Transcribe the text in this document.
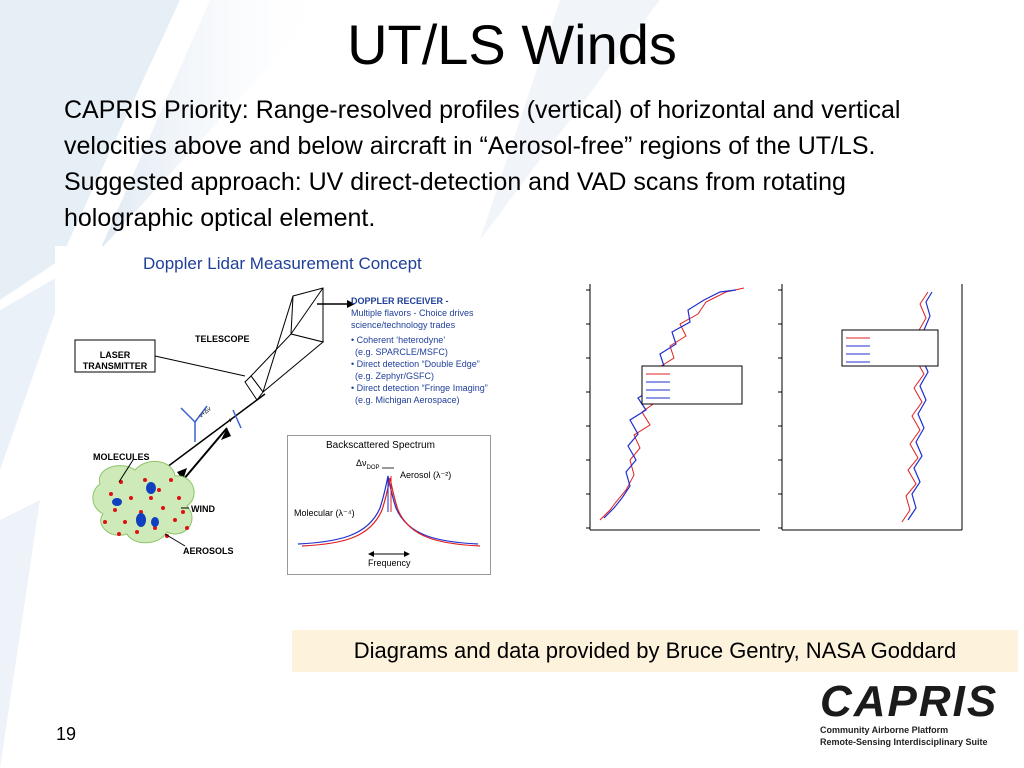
UT/LS Winds
CAPRIS Priority: Range-resolved profiles (vertical) of horizontal and vertical velocities above and below aircraft in “Aerosol-free” regions of the UT/LS. Suggested approach: UV direct-detection and VAD scans from rotating holographic optical element.
v+Δv
v
Doppler Lidar Measurement Concept
LASER TRANSMITTER
TELESCOPE
MOLECULES
WIND
AEROSOLS
DOPPLER RECEIVER -
Multiple flavors - Choice drives
science/technology trades
• Coherent ‘heterodyne’
(e.g. SPARCLE/MSFC)
• Direct detection “Double Edge”
(e.g. Zephyr/GSFC)
• Direct detection “Fringe Imaging”
(e.g. Michigan Aerospace)
Backscattered Spectrum
$\Delta\nu_{DOP}$
Aerosol (λ⁻²)
Molecular (λ⁻⁴)
Frequency
Diagrams and data provided by Bruce Gentry, NASA Goddard
CAPRIS
Community Airborne Platform
Remote-Sensing Interdisciplinary Suite
19
